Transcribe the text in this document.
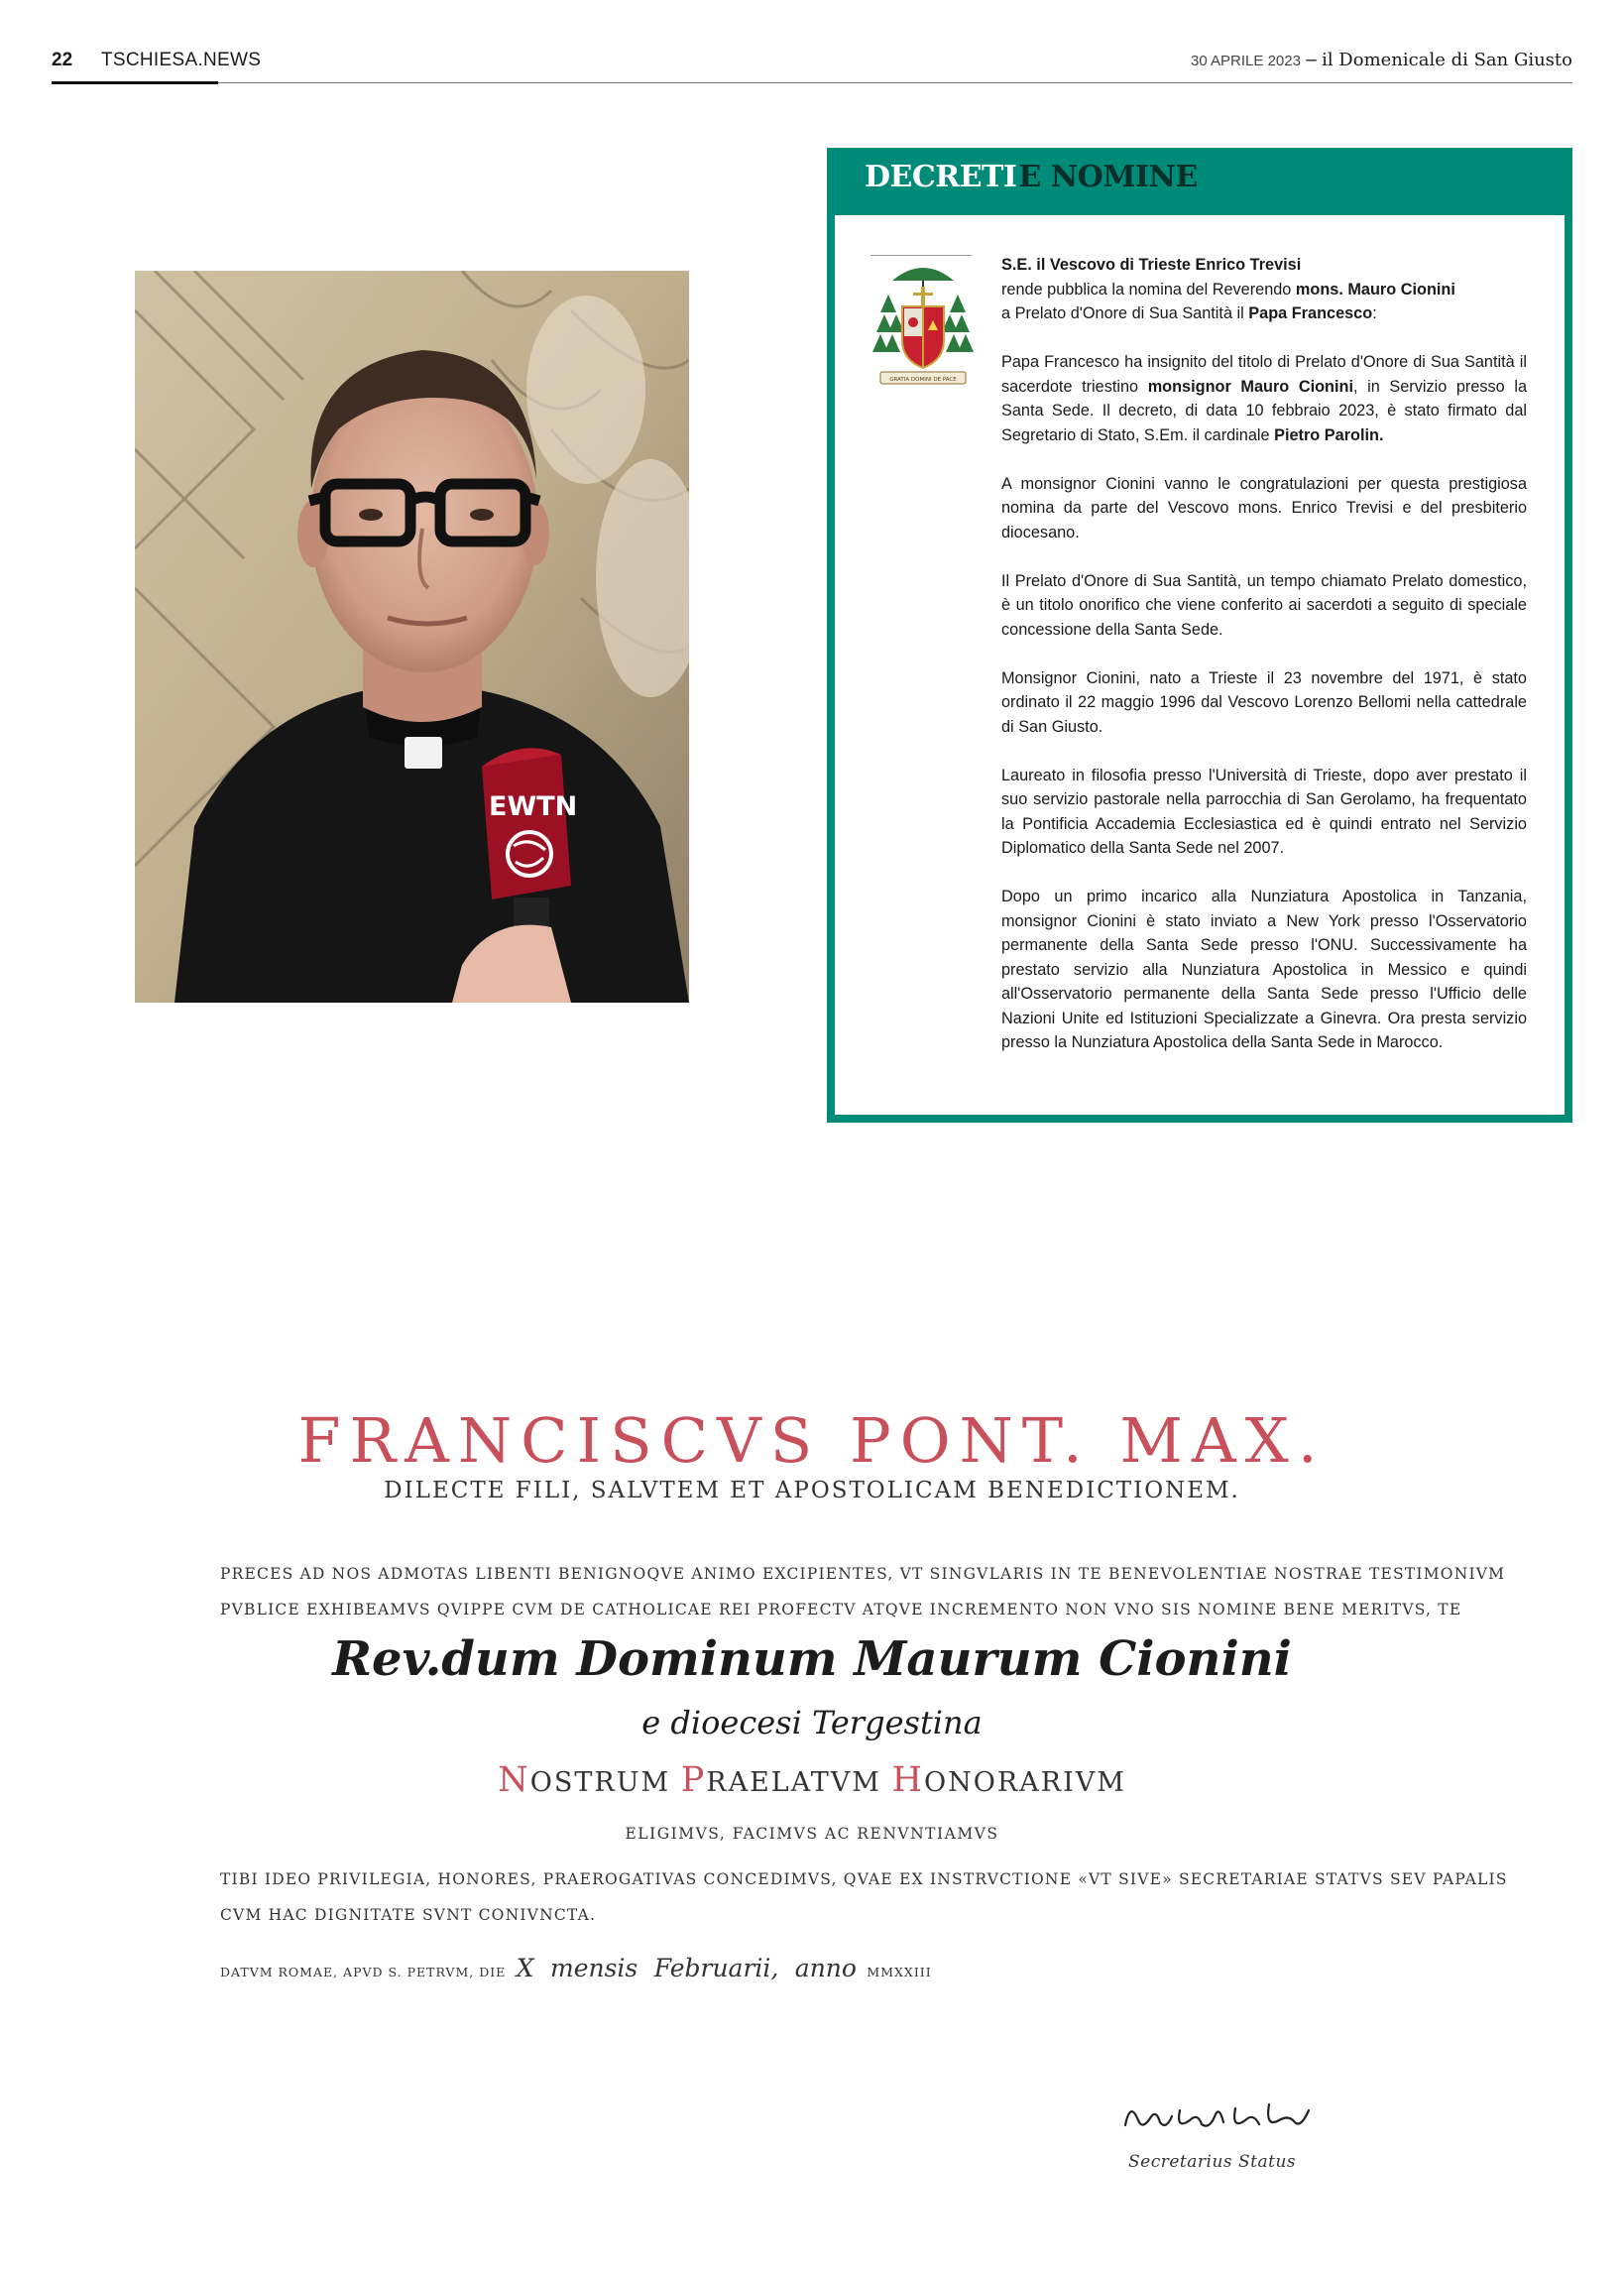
22 TSCHIESA.NEWS	30 APRILE 2023 – il Domenicale di San Giusto
EWTN
DECRETIE NOMINE
GRATIA DOMINI DE PACE

S.E. il Vescovo di Trieste Enrico Trevisi
rende pubblica la nomina del Reverendo mons. Mauro Cionini
a Prelato d'Onore di Sua Santità il Papa Francesco:

Papa Francesco ha insignito del titolo di Prelato d'Onore di Sua Santità il sacerdote triestino monsignor Mauro Cionini, in Servizio presso la Santa Sede. Il decreto, di data 10 febbraio 2023, è stato firmato dal Segretario di Stato, S.Em. il cardinale Pietro Parolin.

A monsignor Cionini vanno le congratulazioni per questa prestigiosa nomina da parte del Vescovo mons. Enrico Trevisi e del presbiterio diocesano.

Il Prelato d'Onore di Sua Santità, un tempo chiamato Prelato domestico, è un titolo onorifico che viene conferito ai sacerdoti a seguito di speciale concessione della Santa Sede.

Monsignor Cionini, nato a Trieste il 23 novembre del 1971, è stato ordinato il 22 maggio 1996 dal Vescovo Lorenzo Bellomi nella cattedrale di San Giusto.

Laureato in filosofia presso l'Università di Trieste, dopo aver prestato il suo servizio pastorale nella parrocchia di San Gerolamo, ha frequentato la Pontificia Accademia Ecclesiastica ed è quindi entrato nel Servizio Diplomatico della Santa Sede nel 2007.

Dopo un primo incarico alla Nunziatura Apostolica in Tanzania, monsignor Cionini è stato inviato a New York presso l'Osservatorio permanente della Santa Sede presso l'ONU. Successivamente ha prestato servizio alla Nunziatura Apostolica in Messico e quindi all'Osservatorio permanente della Santa Sede presso l'Ufficio delle Nazioni Unite ed Istituzioni Specializzate a Ginevra. Ora presta servizio presso la Nunziatura Apostolica della Santa Sede in Marocco.

FRANCISCVS PONT. MAX.
DILECTE FILI, SALVTEM ET APOSTOLICAM BENEDICTIONEM.
PRECES AD NOS ADMOTAS LIBENTI BENIGNOQVE ANIMO EXCIPIENTES, VT SINGVLARIS IN TE BENEVOLENTIAE NOSTRAE TESTIMONIVM
PVBLICE EXHIBEAMVS QVIPPE CVM DE CATHOLICAE REI PROFECTV ATQVE INCREMENTO NON VNO SIS NOMINE BENE MERITVS, TE
Rev.dum Dominum Maurum Cionini
e dioecesi Tergestina
NOSTRUM PRAELATVM HONORARIVM
ELIGIMVS, FACIMVS AC RENVNTIAMVS
TIBI IDEO PRIVILEGIA, HONORES, PRAEROGATIVAS CONCEDIMVS, QVAE EX INSTRVCTIONE «VT SIVE» SECRETARIAE STATVS SEV PAPALIS
CVM HAC DIGNITATE SVNT CONIVNCTA.
DATVM ROMAE, APVD S. PETRVM, DIE X mensis Februarii, anno MMXXIII
Secretarius Status
